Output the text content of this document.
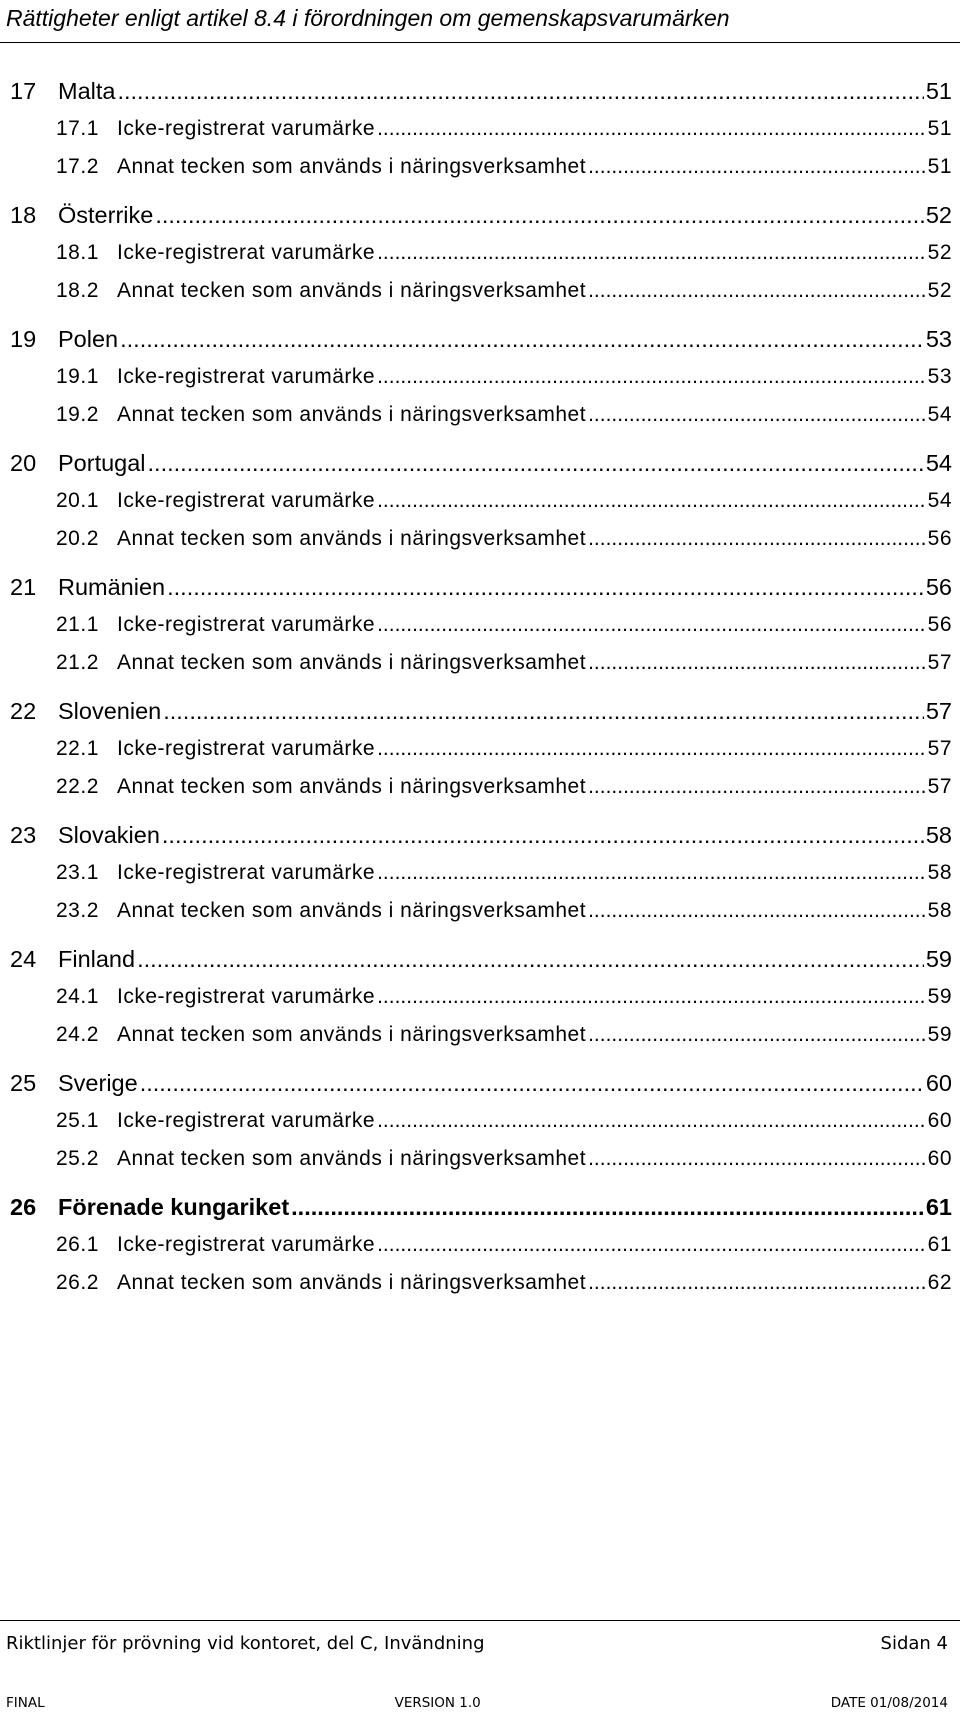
Rättigheter enligt artikel 8.4 i förordningen om gemenskapsvarumärken
17 Malta .....	51
17.1 Icke-registrerat varumärke .....	51
17.2 Annat tecken som används i näringsverksamhet .....	51
18 Österrike .....	52
18.1 Icke-registrerat varumärke .....	52
18.2 Annat tecken som används i näringsverksamhet .....	52
19 Polen .....	53
19.1 Icke-registrerat varumärke .....	53
19.2 Annat tecken som används i näringsverksamhet .....	54
20 Portugal .....	54
20.1 Icke-registrerat varumärke .....	54
20.2 Annat tecken som används i näringsverksamhet .....	56
21 Rumänien .....	56
21.1 Icke-registrerat varumärke .....	56
21.2 Annat tecken som används i näringsverksamhet .....	57
22 Slovenien .....	57
22.1 Icke-registrerat varumärke .....	57
22.2 Annat tecken som används i näringsverksamhet .....	57
23 Slovakien .....	58
23.1 Icke-registrerat varumärke .....	58
23.2 Annat tecken som används i näringsverksamhet .....	58
24 Finland .....	59
24.1 Icke-registrerat varumärke .....	59
24.2 Annat tecken som används i näringsverksamhet .....	59
25 Sverige .....	60
25.1 Icke-registrerat varumärke .....	60
25.2 Annat tecken som används i näringsverksamhet .....	60
26 Förenade kungariket .....	61
26.1 Icke-registrerat varumärke .....	61
26.2 Annat tecken som används i näringsverksamhet .....	62
Riktlinjer för prövning vid kontoret, del C, Invändning	Sidan 4
FINAL	VERSION 1.0	DATE 01/08/2014
